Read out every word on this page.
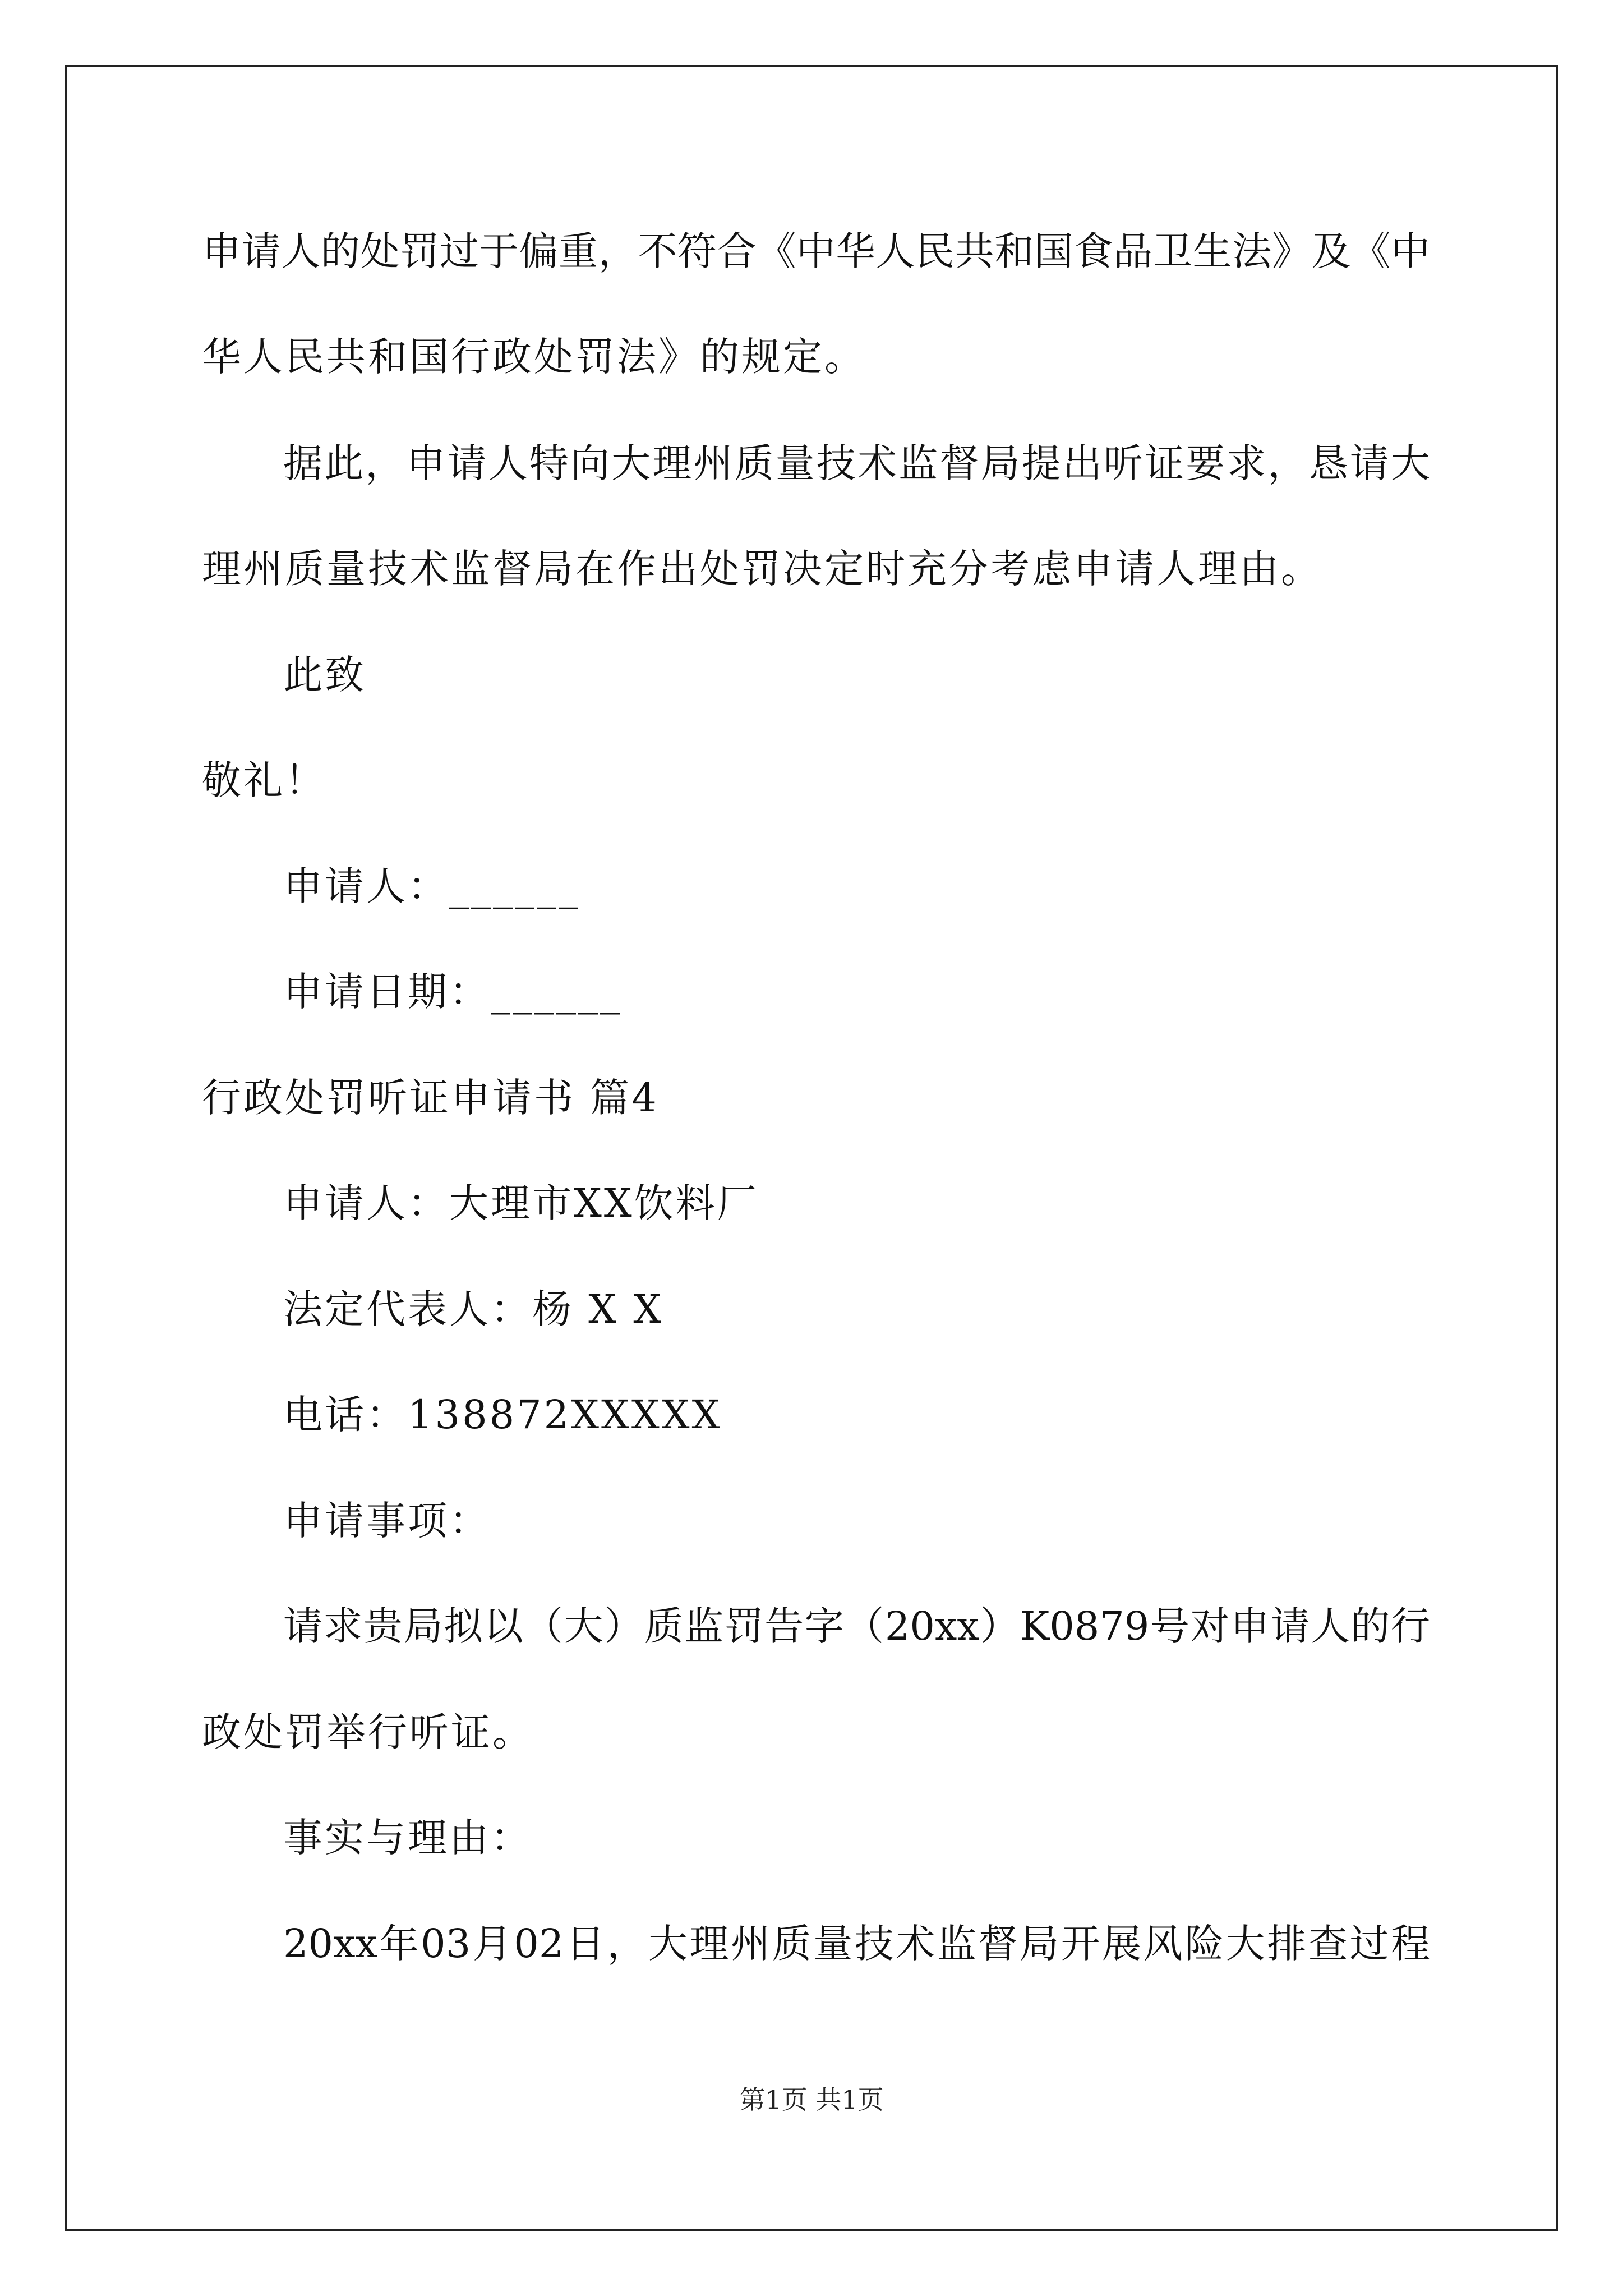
申请人的处罚过于偏重，不符合《中华人民共和国食品卫生法》及《中
华人民共和国行政处罚法》的规定。
据此，申请人特向大理州质量技术监督局提出听证要求，恳请大
理州质量技术监督局在作出处罚决定时充分考虑申请人理由。
此致
敬礼！
申请人：______
申请日期：______
行政处罚听证申请书 篇4
申请人：大理市XX饮料厂
法定代表人：杨 X X
电话：138872XXXXX
申请事项：
请求贵局拟以（大）质监罚告字（20xx）K0879号对申请人的行
政处罚举行听证。
事实与理由：
20xx年03月02日，大理州质量技术监督局开展风险大排查过程
第1页 共1页
